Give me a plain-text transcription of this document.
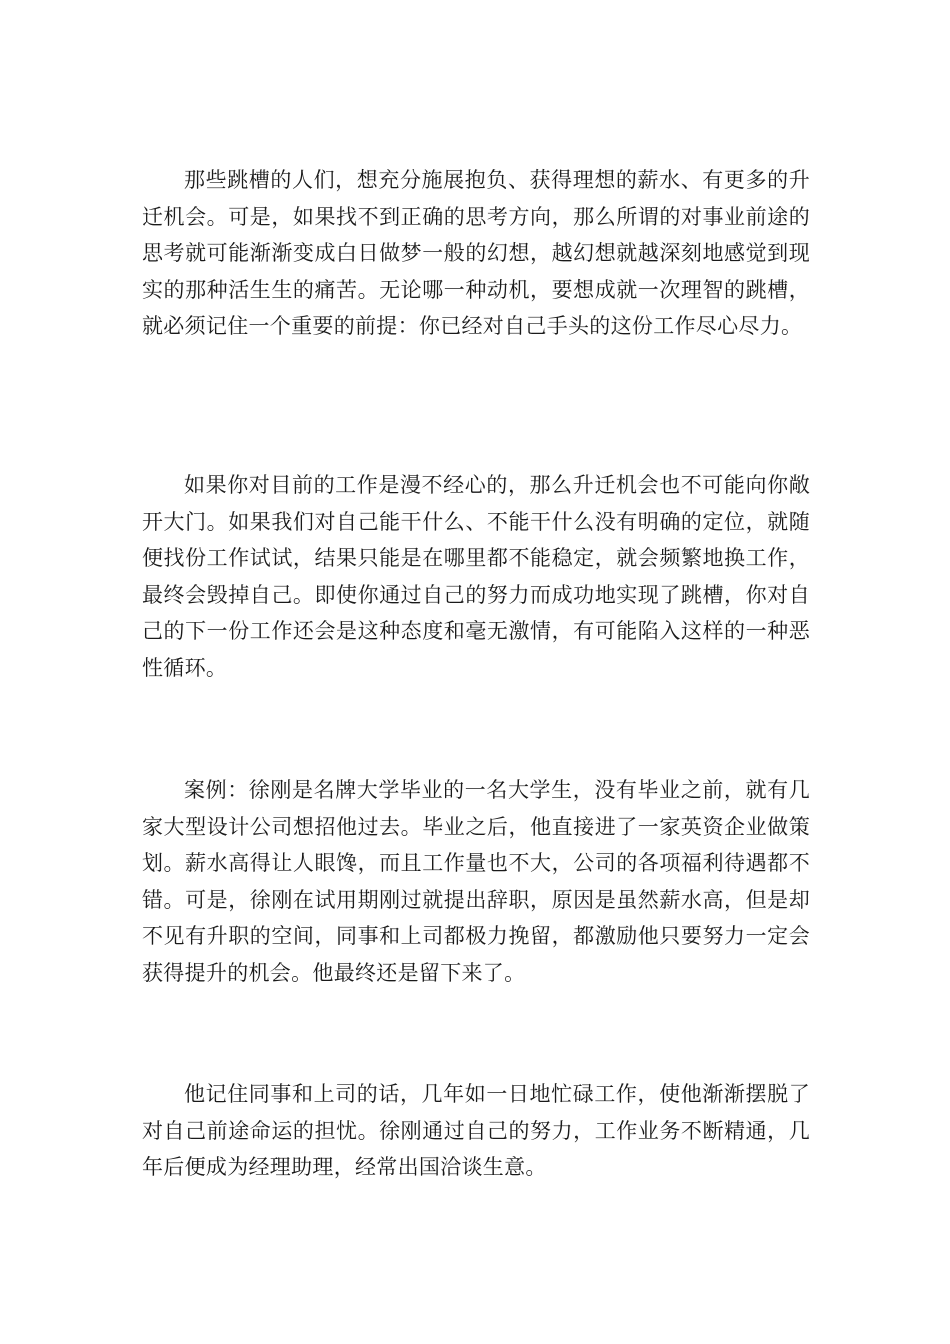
那些跳槽的人们，想充分施展抱负、获得理想的薪水、有更多的升迁机会。可是，如果找不到正确的思考方向，那么所谓的对事业前途的思考就可能渐渐变成白日做梦一般的幻想，越幻想就越深刻地感觉到现实的那种活生生的痛苦。无论哪一种动机，要想成就一次理智的跳槽，就必须记住一个重要的前提：你已经对自己手头的这份工作尽心尽力。

如果你对目前的工作是漫不经心的，那么升迁机会也不可能向你敞开大门。如果我们对自己能干什么、不能干什么没有明确的定位，就随便找份工作试试，结果只能是在哪里都不能稳定，就会频繁地换工作，最终会毁掉自己。即使你通过自己的努力而成功地实现了跳槽，你对自己的下一份工作还会是这种态度和毫无激情，有可能陷入这样的一种恶性循环。

案例：徐刚是名牌大学毕业的一名大学生，没有毕业之前，就有几家大型设计公司想招他过去。毕业之后，他直接进了一家英资企业做策划。薪水高得让人眼馋，而且工作量也不大，公司的各项福利待遇都不错。可是，徐刚在试用期刚过就提出辞职，原因是虽然薪水高，但是却不见有升职的空间，同事和上司都极力挽留，都激励他只要努力一定会获得提升的机会。他最终还是留下来了。

他记住同事和上司的话，几年如一日地忙碌工作，使他渐渐摆脱了对自己前途命运的担忧。徐刚通过自己的努力，工作业务不断精通，几年后便成为经理助理，经常出国洽谈生意。
